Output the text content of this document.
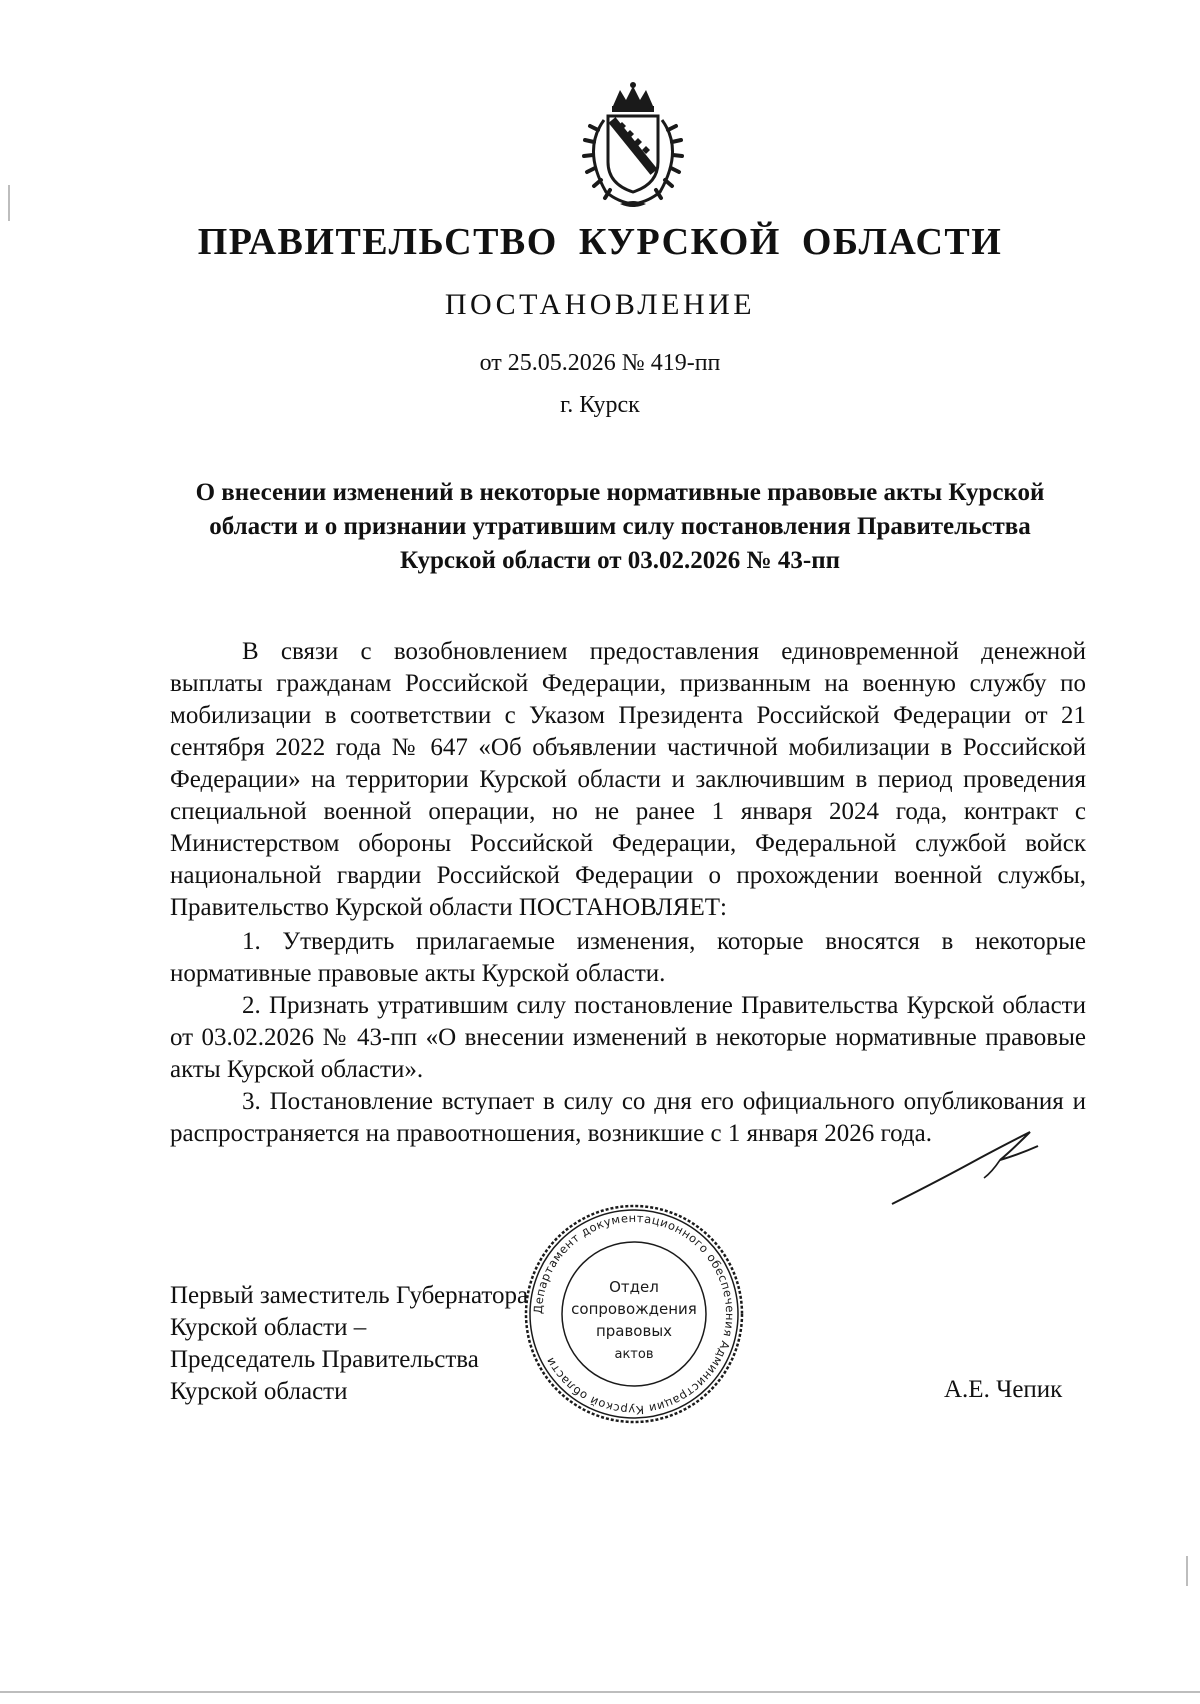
ПРАВИТЕЛЬСТВО КУРСКОЙ ОБЛАСТИ
ПОСТАНОВЛЕНИЕ
от 25.05.2026 № 419-пп
г. Курск
О внесении изменений в некоторые нормативные правовые акты Курской области и о признании утратившим силу постановления Правительства Курской области от 03.02.2026 № 43-пп

В связи с возобновлением предоставления единовременной денежной выплаты гражданам Российской Федерации, призванным на военную службу по мобилизации в соответствии с Указом Президента Российской Федерации от 21 сентября 2022 года № 647 «Об объявлении частичной мобилизации в Российской Федерации» на территории Курской области и заключившим в период проведения специальной военной операции, но не ранее 1 января 2024 года, контракт с Министерством обороны Российской Федерации, Федеральной службой войск национальной гвардии Российской Федерации о прохождении военной службы, Правительство Курской области ПОСТАНОВЛЯЕТ:

1. Утвердить прилагаемые изменения, которые вносятся в некоторые нормативные правовые акты Курской области.

2. Признать утратившим силу постановление Правительства Курской области от 03.02.2026 № 43-пп «О внесении изменений в некоторые нормативные правовые акты Курской области».

3. Постановление вступает в силу со дня его официального опубликования и распространяется на правоотношения, возникшие с 1 января 2026 года.

Первый заместитель Губернатора
Курской области –
Председатель Правительства
Курской области	А.Е. Чепик
Департамент документационного обеспечения Администрации Курской области
Отдел
сопровождения
правовых
актов
